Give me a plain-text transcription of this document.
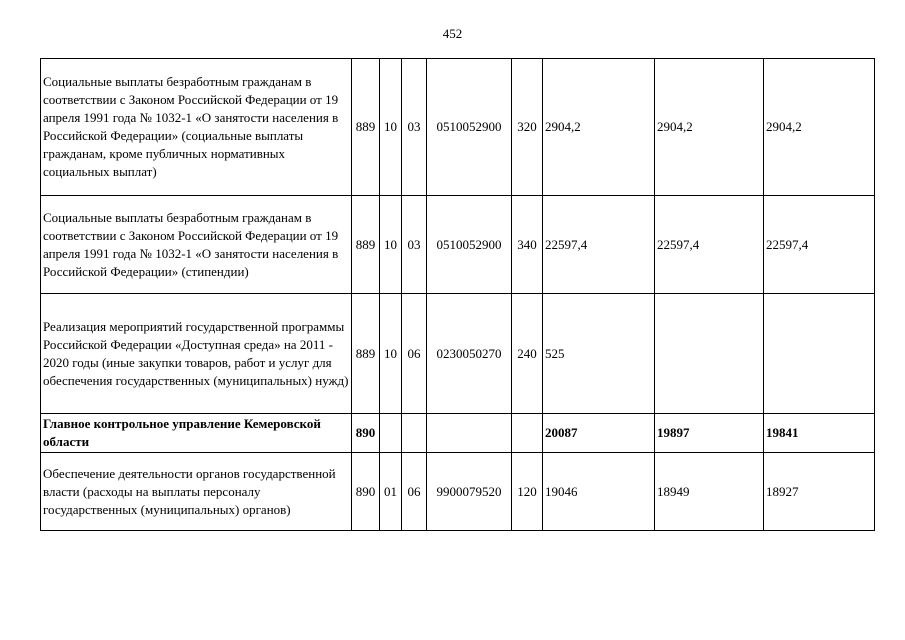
452
Социальные выплаты безработным гражданам в соответствии с Законом Российской Федерации от 19 апреля 1991 года № 1032-1 «О занятости населения в Российской Федерации» (социальные выплаты гражданам, кроме публичных нормативных социальных выплат)	889	10	03	0510052900	320	2904,2	2904,2	2904,2
Социальные выплаты безработным гражданам в соответствии с Законом Российской Федерации от 19 апреля 1991 года № 1032-1 «О занятости населения в Российской Федерации» (стипендии)	889	10	03	0510052900	340	22597,4	22597,4	22597,4
Реализация мероприятий государственной программы Российской Федерации «Доступная среда» на 2011 - 2020 годы (иные закупки товаров, работ и услуг для обеспечения государственных (муниципальных) нужд)	889	10	06	0230050270	240	525		
Главное контрольное управление Кемеровской области	890					20087	19897	19841
Обеспечение деятельности органов государственной власти (расходы на выплаты персоналу государственных (муниципальных) органов)	890	01	06	9900079520	120	19046	18949	18927
